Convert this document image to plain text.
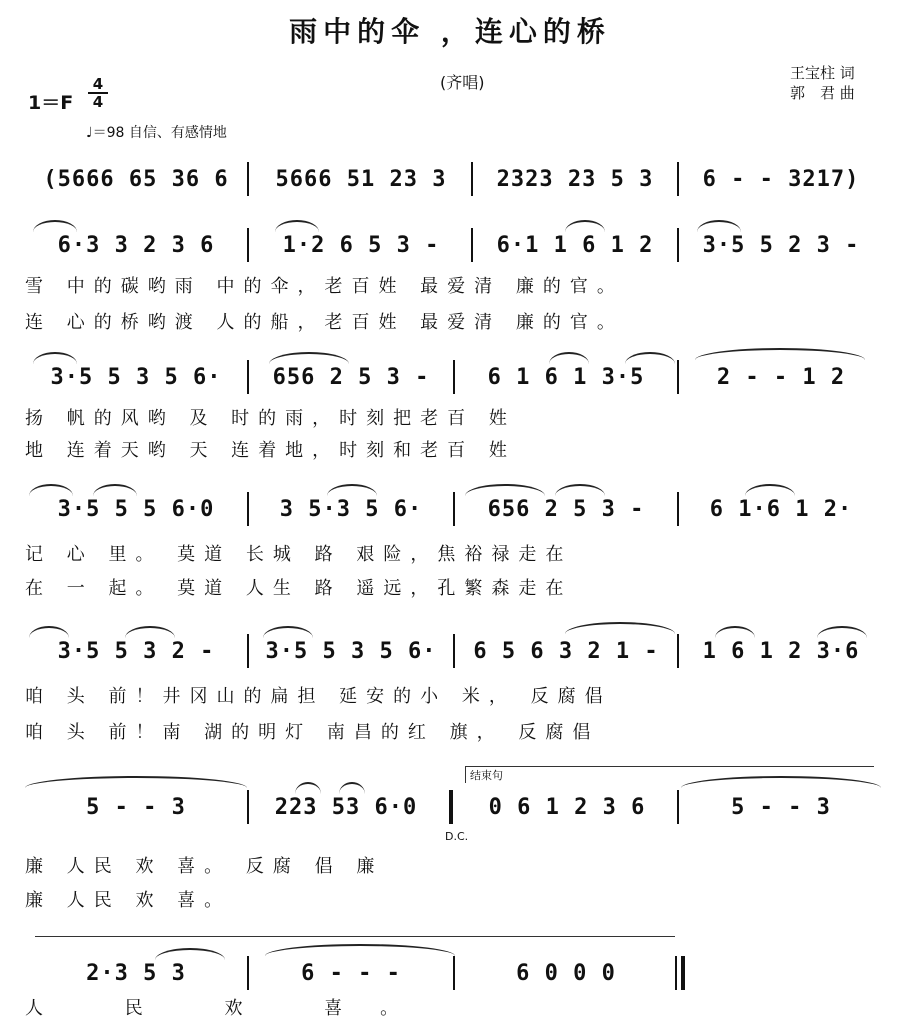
雨中的伞 ，连心的桥
(齐唱)	王宝柱 词
郭　君 曲
1＝F
4
4
♩＝98 自信、有感情地
(5666 65 36 6	5666 51 23 3	2323 23 5 3	6 - - 3217)
6·3 3 2 3 6	1·2 6 5 3 -	6·1 1 6 1 2	3·5 5 2 3 -
雪 中的碳哟雨 中的伞，老百姓 最爱清 廉的官。
连 心的桥哟渡 人的船，老百姓 最爱清 廉的官。
3·5 5 3 5 6·	656 2 5 3 -	6 1 6 1 3·5	2 - - 1 2
扬 帆的风哟 及 时的雨，时刻把老百 姓
地 连着天哟 天 连着地，时刻和老百 姓
3·5 5 5 6·0	3 5·3 5 6·	656 2 5 3 -	6 1·6 1 2·
记 心 里。 莫道 长城 路 艰险，焦裕禄走在
在 一 起。 莫道 人生 路 遥远，孔繁森走在
3·5 5 3 2 -	3·5 5 3 5 6·	6 5 6 3 2 1 -	1 6 1 2 3·6
咱 头 前！井冈山的扁担 延安的小 米， 反腐倡
咱 头 前！南 湖的明灯 南昌的红 旗， 反腐倡
结束句
D.C.
5 - - 3	223 53 6·0	0 6 1 2 3 6	5 - - 3
廉 人民 欢 喜。 反腐 倡 廉
廉 人民 欢 喜。
2·3 5 3	6 - - -	6 0 0 0
人 民 欢 喜。
